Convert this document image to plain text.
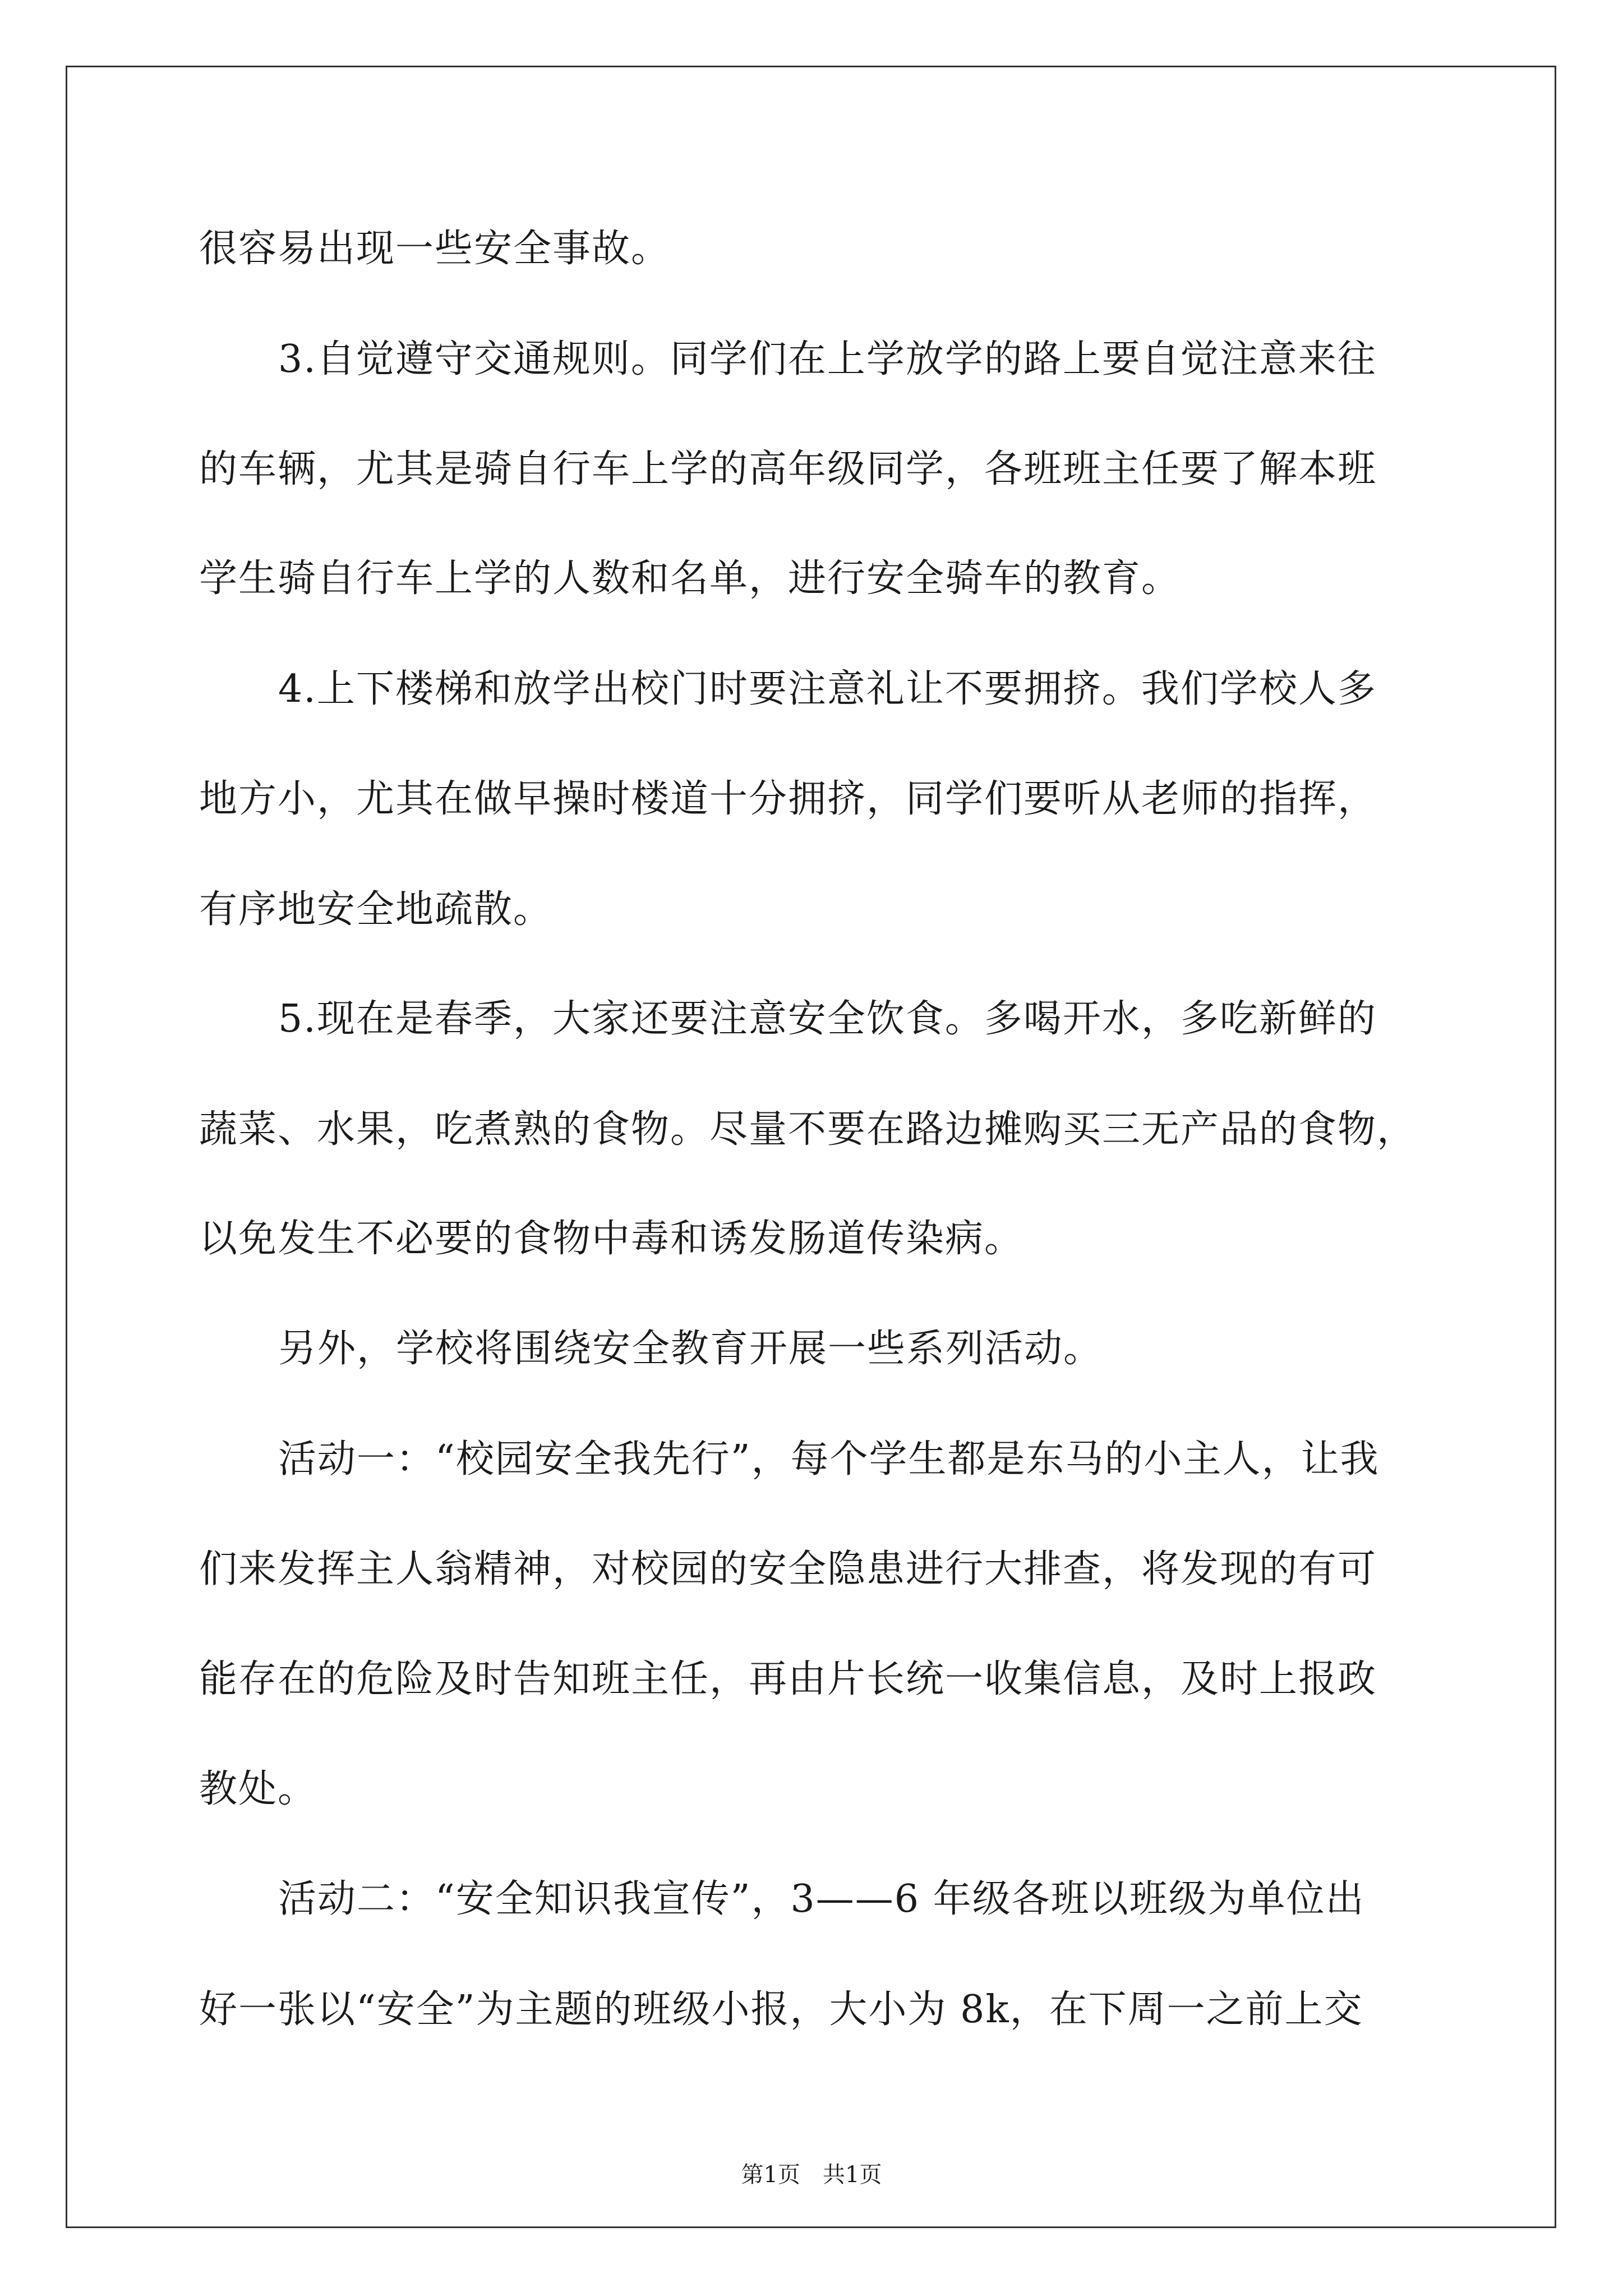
很容易出现一些安全事故。
3.自觉遵守交通规则。同学们在上学放学的路上要自觉注意来往
的车辆，尤其是骑自行车上学的高年级同学，各班班主任要了解本班
学生骑自行车上学的人数和名单，进行安全骑车的教育。
4.上下楼梯和放学出校门时要注意礼让不要拥挤。我们学校人多
地方小，尤其在做早操时楼道十分拥挤，同学们要听从老师的指挥，
有序地安全地疏散。
5.现在是春季，大家还要注意安全饮食。多喝开水，多吃新鲜的
蔬菜、水果，吃煮熟的食物。尽量不要在路边摊购买三无产品的食物，
以免发生不必要的食物中毒和诱发肠道传染病。
另外，学校将围绕安全教育开展一些系列活动。
活动一：“校园安全我先行”，每个学生都是东马的小主人，让我
们来发挥主人翁精神，对校园的安全隐患进行大排查，将发现的有可
能存在的危险及时告知班主任，再由片长统一收集信息，及时上报政
教处。
活动二：“安全知识我宣传”，3——6 年级各班以班级为单位出
好一张以“安全”为主题的班级小报，大小为 8k，在下周一之前上交
第1页　共1页
